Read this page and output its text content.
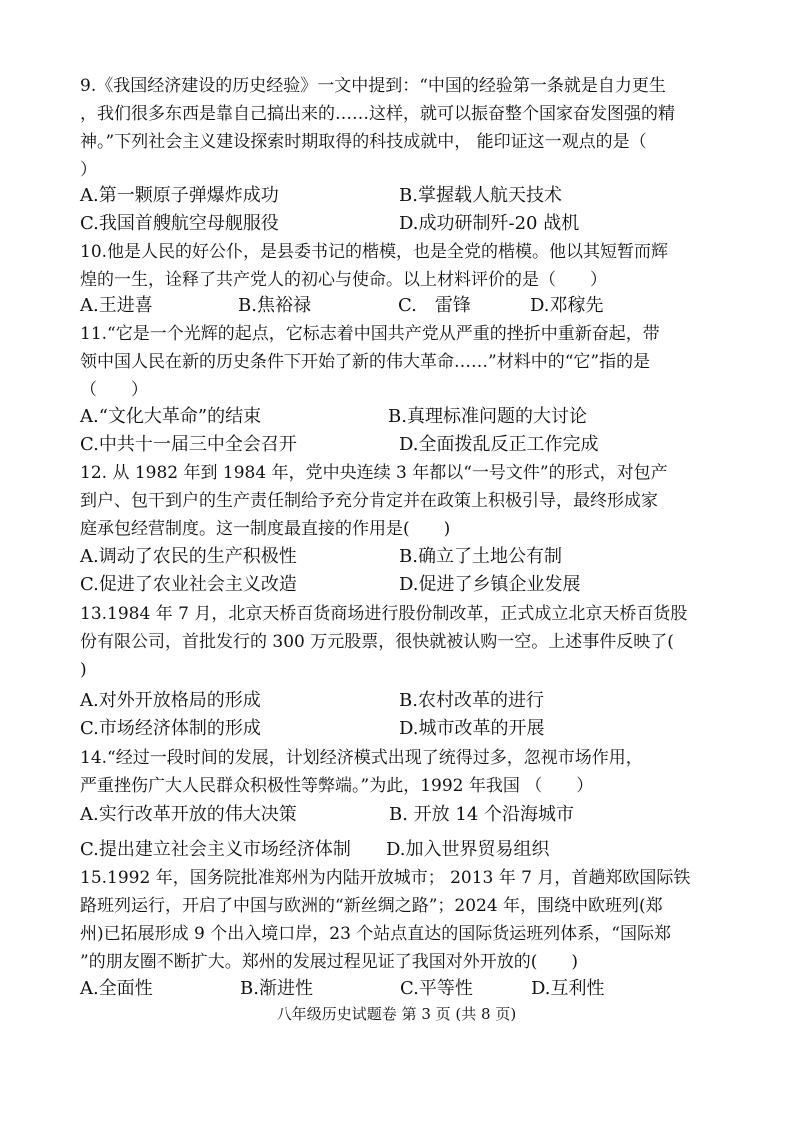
9.《我国经济建设的历史经验》一文中提到：“中国的经验第一条就是自力更生
，我们很多东西是靠自己搞出来的……这样，就可以振奋整个国家奋发图强的精
神。”下列社会主义建设探索时期取得的科技成就中， 能印证这一观点的是（
）
A.第一颗原子弹爆炸成功	B.掌握载人航天技术
C.我国首艘航空母舰服役	D.成功研制歼-20 战机
10.他是人民的好公仆，是县委书记的楷模，也是全党的楷模。他以其短暂而辉
煌的一生，诠释了共产党人的初心与使命。以上材料评价的是（　　）
A.王进喜	B.焦裕禄	C.　雷锋	D.邓稼先
11.“它是一个光辉的起点，它标志着中国共产党从严重的挫折中重新奋起，带
领中国人民在新的历史条件下开始了新的伟大革命……”材料中的“它”指的是
（　　）
A.“文化大革命”的结束	B.真理标准问题的大讨论
C.中共十一届三中全会召开	D.全面拨乱反正工作完成
12. 从 1982 年到 1984 年，党中央连续 3 年都以“一号文件”的形式，对包产
到户、包干到户的生产责任制给予充分肯定并在政策上积极引导，最终形成家
庭承包经营制度。这一制度最直接的作用是(　　)
A.调动了农民的生产积极性	B.确立了土地公有制
C.促进了农业社会主义改造	D.促进了乡镇企业发展
13.1984 年 7 月，北京天桥百货商场进行股份制改革，正式成立北京天桥百货股
份有限公司，首批发行的 300 万元股票，很快就被认购一空。上述事件反映了(
)
A.对外开放格局的形成	B.农村改革的进行
C.市场经济体制的形成	D.城市改革的开展
14.“经过一段时间的发展，计划经济模式出现了统得过多，忽视市场作用，
严重挫伤广大人民群众积极性等弊端。”为此，1992 年我国 （　　）
A.实行改革开放的伟大决策	B. 开放 14 个沿海城市
C.提出建立社会主义市场经济体制 D.加入世界贸易组织
15.1992 年，国务院批准郑州为内陆开放城市； 2013 年 7 月，首趟郑欧国际铁
路班列运行，开启了中国与欧洲的“新丝绸之路”；2024 年，围绕中欧班列(郑
州)已拓展形成 9 个出入境口岸，23 个站点直达的国际货运班列体系，“国际郑
”的朋友圈不断扩大。郑州的发展过程见证了我国对外开放的(　　)
A.全面性	B.渐进性	C.平等性	D.互利性
八年级历史试题卷 第 3 页 (共 8 页)
